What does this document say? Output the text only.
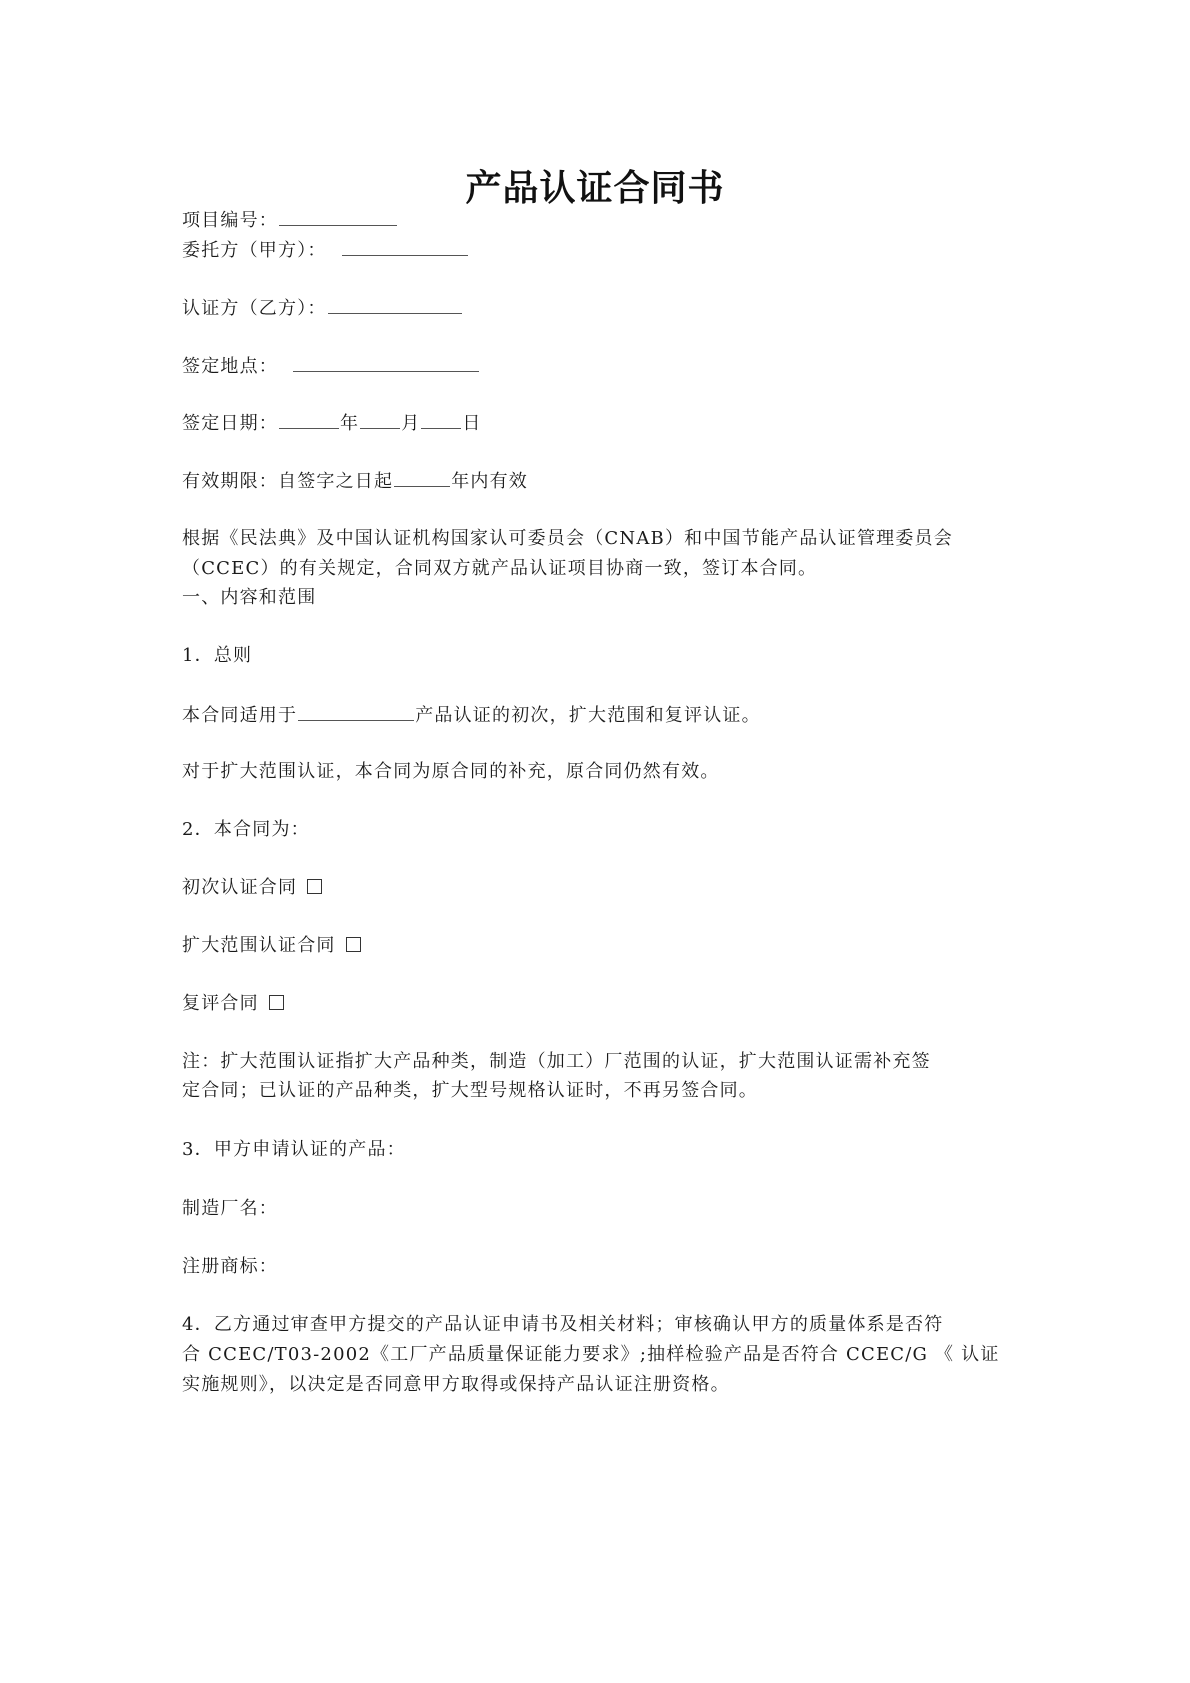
产品认证合同书
项目编号：
委托方（甲方）：
认证方（乙方）：
签定地点：
签定日期：	年 月 日
有效期限：自签字之日起	年内有效
根据《民法典》及中国认证机构国家认可委员会（CNAB）和中国节能产品认证管理委员会
（CCEC）的有关规定，合同双方就产品认证项目协商一致，签订本合同。
一、内容和范围
1．总则
本合同适用于	产品认证的初次，扩大范围和复评认证。
对于扩大范围认证，本合同为原合同的补充，原合同仍然有效。
2．本合同为：
初次认证合同
扩大范围认证合同
复评合同
注：扩大范围认证指扩大产品种类，制造（加工）厂范围的认证，扩大范围认证需补充签
定合同；已认证的产品种类，扩大型号规格认证时，不再另签合同。
3．甲方申请认证的产品：
制造厂名：
注册商标：
4．乙方通过审查甲方提交的产品认证申请书及相关材料；审核确认甲方的质量体系是否符
合 CCEC/T03-2002《工厂产品质量保证能力要求》;抽样检验产品是否符合 CCEC/G 《 认证
实施规则》，以决定是否同意甲方取得或保持产品认证注册资格。
